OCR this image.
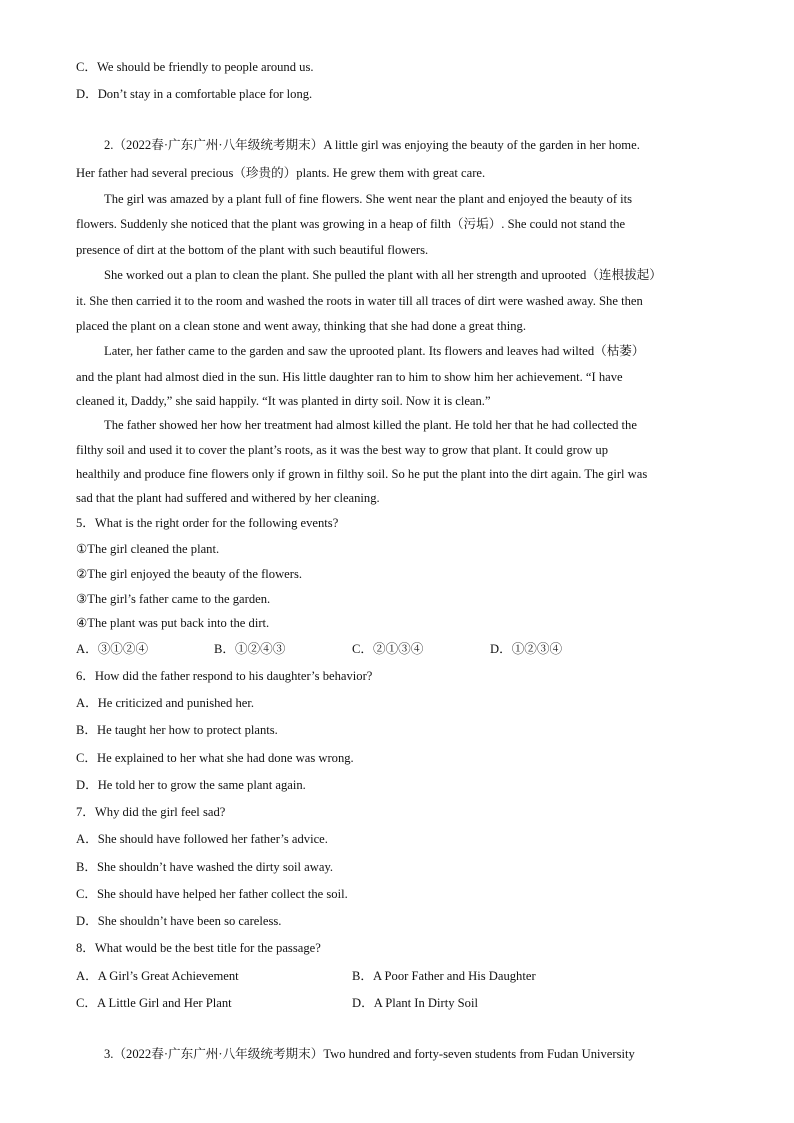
C．We should be friendly to people around us.
D．Don’t stay in a comfortable place for long.
2.（2022春·广东广州·八年级统考期末）A little girl was enjoying the beauty of the garden in her home.
Her father had several precious（珍贵的）plants. He grew them with great care.
The girl was amazed by a plant full of fine flowers. She went near the plant and enjoyed the beauty of its
flowers. Suddenly she noticed that the plant was growing in a heap of filth（污垢）. She could not stand the
presence of dirt at the bottom of the plant with such beautiful flowers.
She worked out a plan to clean the plant. She pulled the plant with all her strength and uprooted（连根拔起）
it. She then carried it to the room and washed the roots in water till all traces of dirt were washed away. She then
placed the plant on a clean stone and went away, thinking that she had done a great thing.
Later, her father came to the garden and saw the uprooted plant. Its flowers and leaves had wilted（枯萎）
and the plant had almost died in the sun. His little daughter ran to him to show him her achievement. “I have
cleaned it, Daddy,” she said happily. “It was planted in dirty soil. Now it is clean.”
The father showed her how her treatment had almost killed the plant. He told her that he had collected the
filthy soil and used it to cover the plant’s roots, as it was the best way to grow that plant. It could grow up
healthily and produce fine flowers only if grown in filthy soil. So he put the plant into the dirt again. The girl was
sad that the plant had suffered and withered by her cleaning.
5．What is the right order for the following events?
①The girl cleaned the plant.
②The girl enjoyed the beauty of the flowers.
③The girl’s father came to the garden.
④The plant was put back into the dirt.
A．③①②④	B．①②④③	C．②①③④	D．①②③④
6．How did the father respond to his daughter’s behavior?
A．He criticized and punished her.
B．He taught her how to protect plants.
C．He explained to her what she had done was wrong.
D．He told her to grow the same plant again.
7．Why did the girl feel sad?
A．She should have followed her father’s advice.
B．She shouldn’t have washed the dirty soil away.
C．She should have helped her father collect the soil.
D．She shouldn’t have been so careless.
8．What would be the best title for the passage?
A．A Girl’s Great Achievement	B．A Poor Father and His Daughter
C．A Little Girl and Her Plant	D．A Plant In Dirty Soil
3.（2022春·广东广州·八年级统考期末）Two hundred and forty-seven students from Fudan University
